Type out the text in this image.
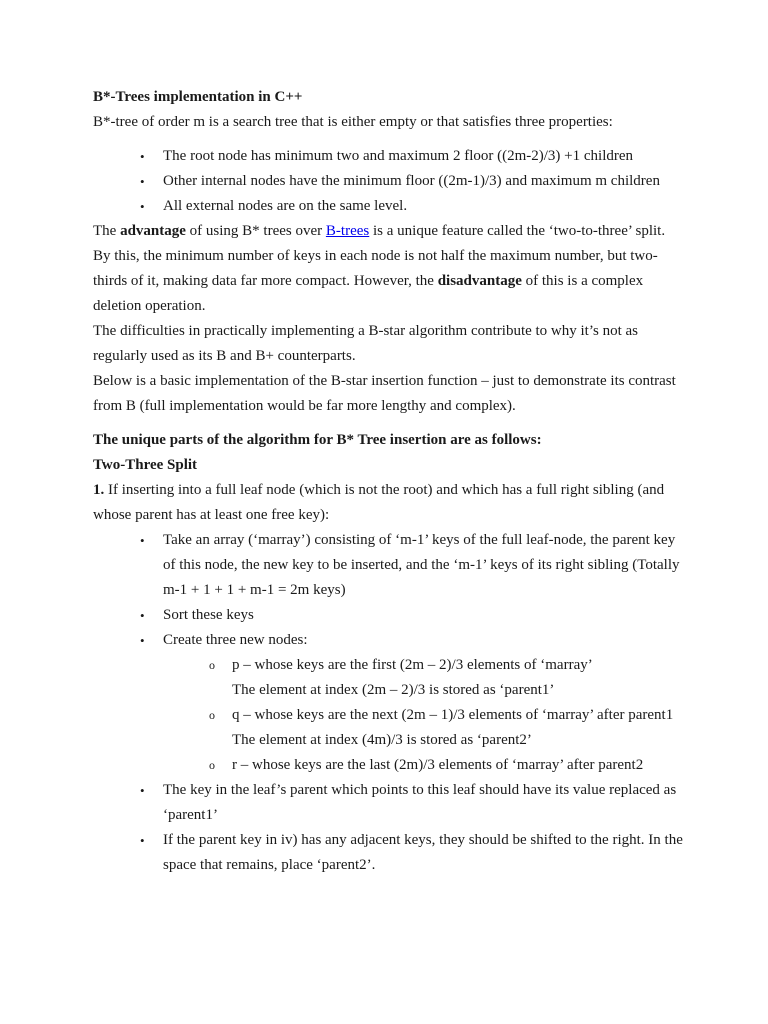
B*-Trees implementation in C++

B*-tree of order m is a search tree that is either empty or that satisfies three properties:

• The root node has minimum two and maximum 2 floor ((2m-2)/3) +1 children
• Other internal nodes have the minimum floor ((2m-1)/3) and maximum m children
• All external nodes are on the same level.

The advantage of using B* trees over B-trees is a unique feature called the ‘two-to-three’ split. By this, the minimum number of keys in each node is not half the maximum number, but two-thirds of it, making data far more compact. However, the disadvantage of this is a complex deletion operation.

The difficulties in practically implementing a B-star algorithm contribute to why it’s not as regularly used as its B and B+ counterparts.

Below is a basic implementation of the B-star insertion function – just to demonstrate its contrast from B (full implementation would be far more lengthy and complex).

The unique parts of the algorithm for B* Tree insertion are as follows:

Two-Three Split

1. If inserting into a full leaf node (which is not the root) and which has a full right sibling (and whose parent has at least one free key):

• Take an array (‘marray’) consisting of ‘m-1’ keys of the full leaf-node, the parent key of this node, the new key to be inserted, and the ‘m-1’ keys of its right sibling (Totally m-1 + 1 + 1 + m-1 = 2m keys)
• Sort these keys
• Create three new nodes:
o p – whose keys are the first (2m – 2)/3 elements of ‘marray’
The element at index (2m – 2)/3 is stored as ‘parent1’
o q – whose keys are the next (2m – 1)/3 elements of ‘marray’ after parent1
The element at index (4m)/3 is stored as ‘parent2’
o r – whose keys are the last (2m)/3 elements of ‘marray’ after parent2
• The key in the leaf’s parent which points to this leaf should have its value replaced as ‘parent1’
• If the parent key in iv) has any adjacent keys, they should be shifted to the right. In the space that remains, place ‘parent2’.
